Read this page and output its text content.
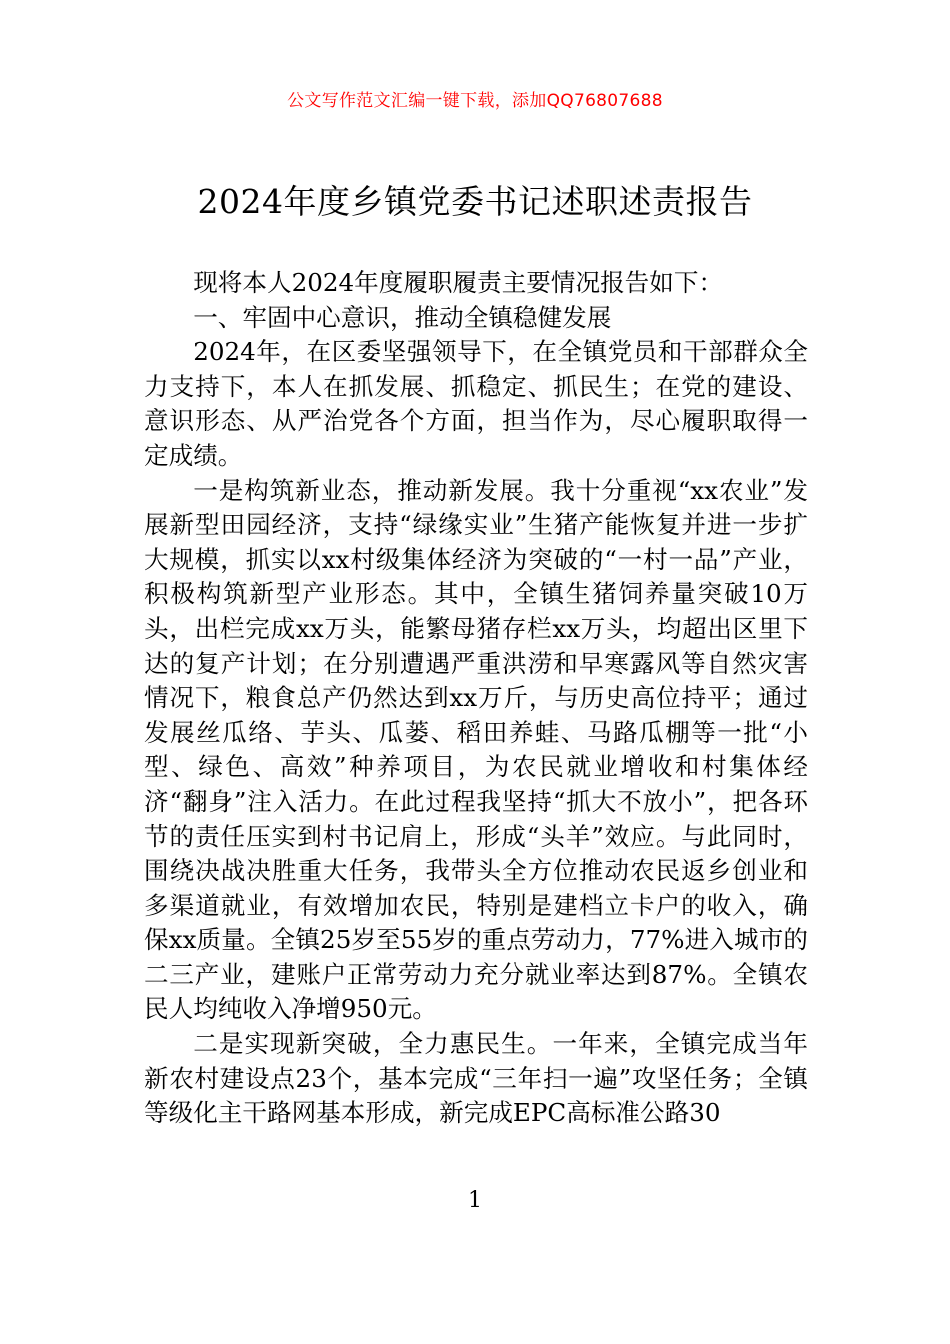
公文写作范文汇编一键下载，添加QQ76807688
2024年度乡镇党委书记述职述责报告

现将本人2024年度履职履责主要情况报告如下：

一、牢固中心意识，推动全镇稳健发展

2024年，在区委坚强领导下，在全镇党员和干部群众全力支持下，本人在抓发展、抓稳定、抓民生；在党的建设、意识形态、从严治党各个方面，担当作为，尽心履职取得一定成绩。

一是构筑新业态，推动新发展。我十分重视“xx农业”发展新型田园经济，支持“绿缘实业”生猪产能恢复并进一步扩大规模，抓实以xx村级集体经济为突破的“一村一品”产业，积极构筑新型产业形态。其中，全镇生猪饲养量突破10万头，出栏完成xx万头，能繁母猪存栏xx万头，均超出区里下达的复产计划；在分别遭遇严重洪涝和早寒露风等自然灾害情况下，粮食总产仍然达到xx万斤，与历史高位持平；通过发展丝瓜络、芋头、瓜蒌、稻田养蛙、马路瓜棚等一批“小型、绿色、高效”种养项目，为农民就业增收和村集体经济“翻身”注入活力。在此过程我坚持“抓大不放小”，把各环节的责任压实到村书记肩上，形成“头羊”效应。与此同时，围绕决战决胜重大任务，我带头全方位推动农民返乡创业和多渠道就业，有效增加农民，特别是建档立卡户的收入，确保xx质量。全镇25岁至55岁的重点劳动力，77%进入城市的二三产业，建账户正常劳动力充分就业率达到87%。全镇农民人均纯收入净增950元。

二是实现新突破，全力惠民生。一年来，全镇完成当年新农村建设点23个，基本完成“三年扫一遍”攻坚任务；全镇等级化主干路网基本形成，新完成EPC高标准公路30

1
